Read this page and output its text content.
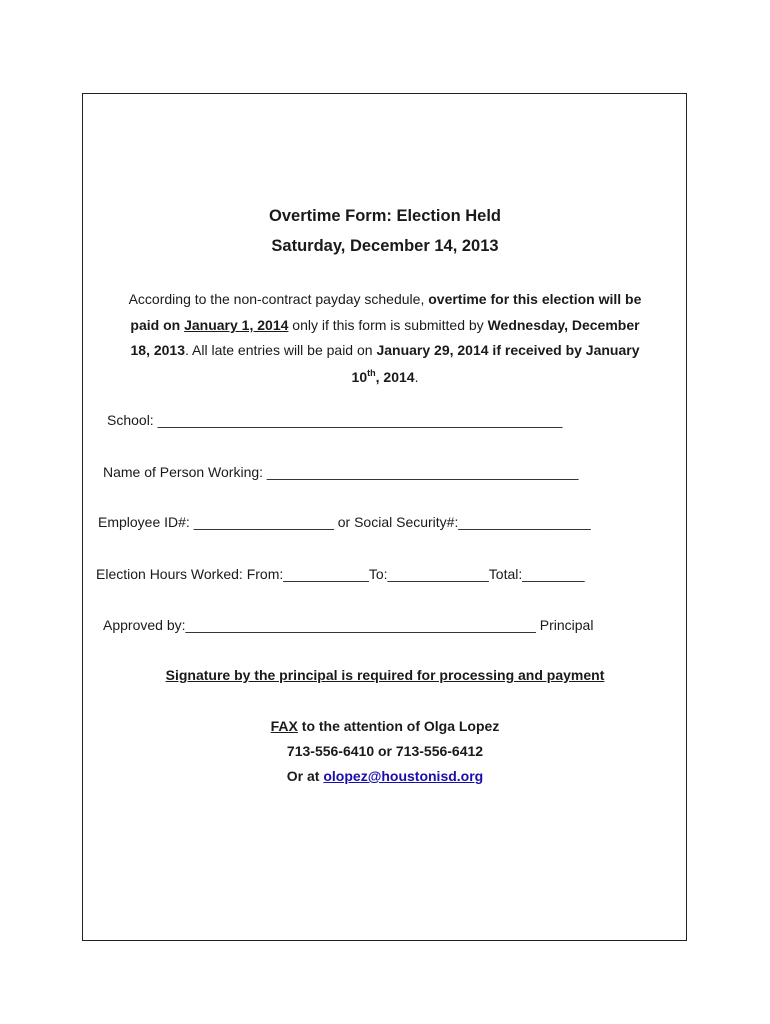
Overtime Form: Election Held
Saturday, December 14, 2013
According to the non-contract payday schedule, overtime for this election will be
paid on January 1, 2014 only if this form is submitted by Wednesday, December
18, 2013. All late entries will be paid on January 29, 2014 if received by January
10th, 2014.
School: ____________________________________________________
Name of Person Working: ________________________________________
Employee ID#: __________________ or Social Security#:_________________
Election Hours Worked: From:___________To:_____________Total:________
Approved by:_____________________________________________ Principal
Signature by the principal is required for processing and payment
FAX to the attention of Olga Lopez
713-556-6410 or 713-556-6412
Or at olopez@houstonisd.org
